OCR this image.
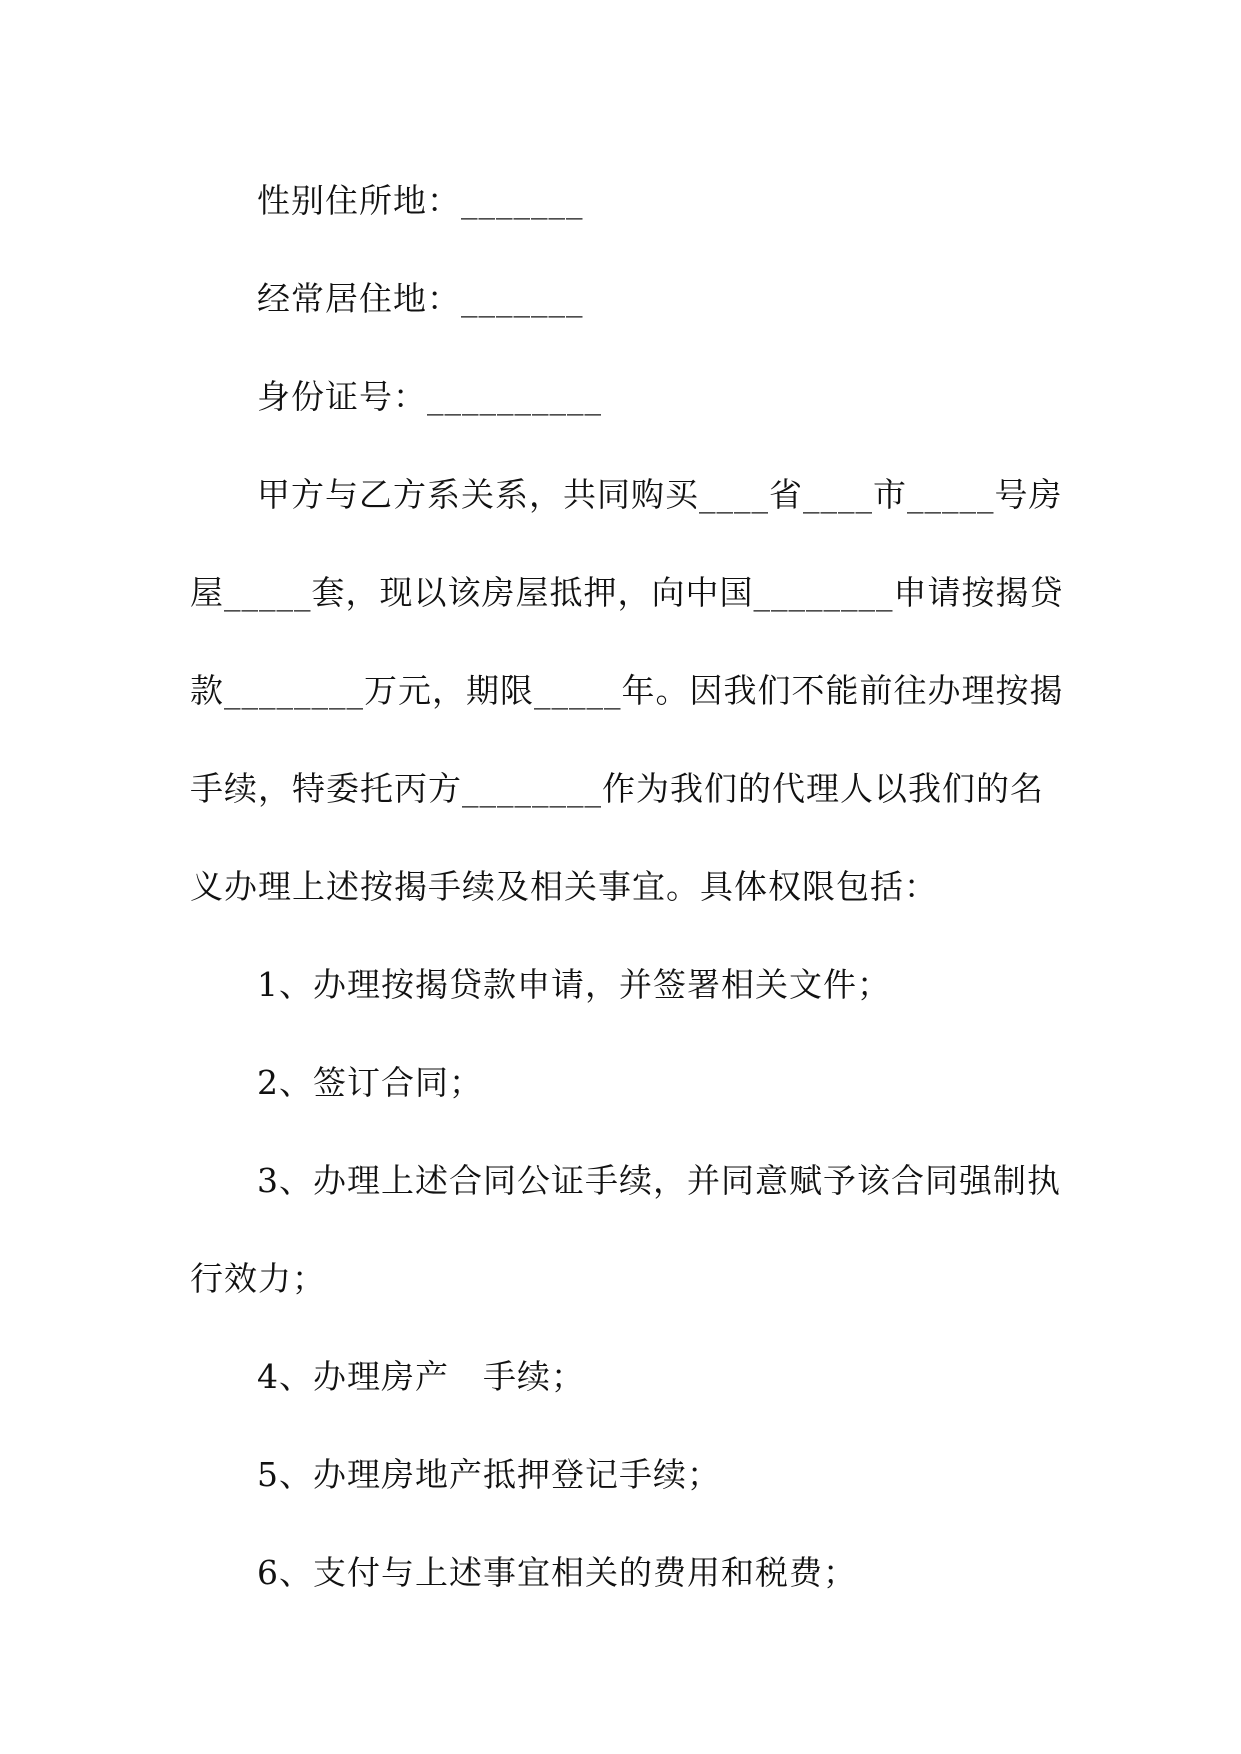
性别住所地：_______
经常居住地：_______
身份证号：__________
甲方与乙方系关系，共同购买____省____市_____号房
屋_____套，现以该房屋抵押，向中国________申请按揭贷
款________万元，期限_____年。因我们不能前往办理按揭
手续，特委托丙方________作为我们的代理人以我们的名
义办理上述按揭手续及相关事宜。具体权限包括：
1、办理按揭贷款申请，并签署相关文件；
2、签订合同；
3、办理上述合同公证手续，并同意赋予该合同强制执
行效力；
4、办理房产　手续；
5、办理房地产抵押登记手续；
6、支付与上述事宜相关的费用和税费；
